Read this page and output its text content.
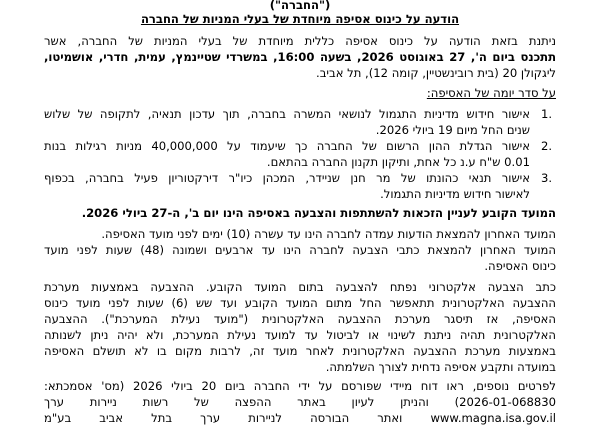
("החברה")
הודעה על כינוס אסיפה מיוחדת של בעלי המניות של החברה
ניתנת בזאת הודעה על כינוס אסיפה כללית מיוחדת של בעלי המניות של החברה, אשר
תתכנס ביום ה', 27 באוגוסט 2026, בשעה 16:00, במשרדי שטיינמץ, עמית, חדרי, אושמיטו,
ליגקולן 20 (בית רובינשטיין, קומה 12), תל אביב.
על סדר יומה של האסיפה:
1.
אישור חידוש מדיניות התגמול לנושאי המשרה בחברה, תוך עדכון תנאיה, לתקופה של שלוש
שנים החל מיום 19 ביולי 2026.
2.
אישור הגדלת ההון הרשום של החברה כך שיעמוד על 40,000,000 מניות רגילות בנות
0.01 ש"ח ע.נ כל אחת, ותיקון תקנון החברה בהתאם.
3.
אישור תנאי כהונתו של מר חנן שניידר, המכהן כיו"ר דירקטוריון פעיל בחברה, בכפוף
לאישור חידוש מדיניות התגמול.
המועד הקובע לעניין הזכאות להשתתפות והצבעה באסיפה הינו יום ב', ה-27 ביולי 2026.
המועד האחרון להמצאת הודעות עמדה לחברה הינו עד עשרה (10) ימים לפני מועד האסיפה.
המועד האחרון להמצאת כתבי הצבעה לחברה הינו עד ארבעים ושמונה (48) שעות לפני מועד
כינוס האסיפה.
כתב הצבעה אלקטרוני נפתח להצבעה בתום המועד הקובע. ההצבעה באמצעות מערכת
ההצבעה האלקטרונית תתאפשר החל מתום המועד הקובע ועד שש (6) שעות לפני מועד כינוס
האסיפה, אז תיסגר מערכת ההצבעה האלקטרונית ("מועד נעילת המערכת"). ההצבעה
האלקטרונית תהיה ניתנת לשינוי או לביטול עד למועד נעילת המערכת, ולא יהיה ניתן לשנותה
באמצעות מערכת ההצבעה האלקטרונית לאחר מועד זה, לרבות מקום בו לא תושלם האסיפה
במועדה ותקבע אסיפה נדחית לצורך השלמתה.
לפרטים נוספים, ראו דוח מיידי שפורסם על ידי החברה ביום 20 ביולי 2026 (מס' אסמכתא:
2026-01-068830) והניתן לעיון באתר ההפצה של רשות ניירות ערך
www.magna.isa.gov.il ואתר הבורסה לניירות ערך בתל אביב בע"מ
